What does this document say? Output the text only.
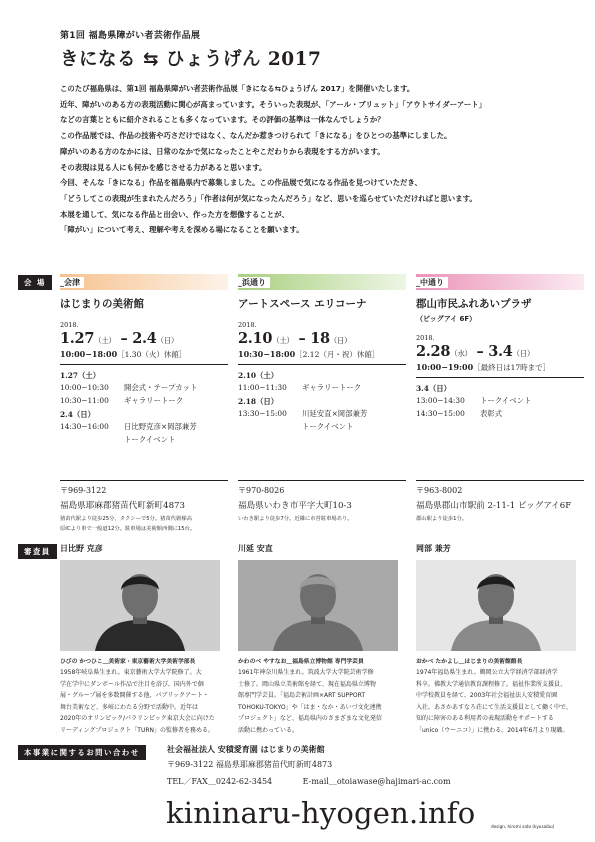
第1回 福島県障がい者芸術作品展
きになる ⇆ ひょうげん 2017
このたび福島県は、第1回 福島県障がい者芸術作品展「きになる⇆ひょうげん 2017」を開催いたします。
近年、障がいのある方の表現活動に関心が高まっています。そういった表現が、「アール・ブリュット」「アウトサイダーアート」
などの言葉とともに紹介されることも多くなっています。その評価の基準は一体なんでしょうか？
この作品展では、作品の技術や巧さだけではなく、なんだか惹きつけられて「きになる」をひとつの基準にしました。
障がいのある方のなかには、日常のなかで気になったことやこだわりから表現をする方がいます。
その表現は見る人にも何かを感じさせる力があると思います。
今回、そんな「きになる」作品を福島県内で募集しました。この作品展で気になる作品を見つけていただき、
「どうしてこの表現が生まれたんだろう」「作者は何が気になったんだろう」など、思いを巡らせていただければと思います。
本展を通して、気になる作品と出会い、作った方を想像することが、
「障がい」について考え、理解や考えを深める場になることを願います。
会 場	_会津
はじまりの美術館
2018.
1.27（土） – 2.4（日）
10:00−18:00［1.30（火）休館］
1.27（土）
10:00−10:30	開会式・テープカット
10:30−11:00	ギャラリートーク
2.4（日）
14:30−16:00	日比野克彦×岡部兼芳
トークイベント
_浜通り
アートスペース エリコーナ
2018.
2.10（土） – 18（日）
10:30−18:00［2.12（月・祝）休館］
2.10（土）
11:00−11:30	ギャラリートーク
2.18（日）
13:30−15:00	川延安直×岡部兼芳
トークイベント
_中通り
郡山市民ふれあいプラザ
（ビッグアイ 6F）
2018.
2.28（水） – 3.4（日）
10:00−19:00［最終日は17時まで］
3.4（日）
13:00−14:30	トークイベント
14:30−15:00	表彰式
〒969-3122
福島県耶麻郡猪苗代町新町4873
猪苗代駅より徒歩25分、タクシーで5分。猪苗代磐梯高
原ICより車で一般道12分。駐車場は美術館西側に15台。
〒970-8026
福島県いわき市平字大町10-3
いわき駅より徒歩7分。近隣に市営駐車場あり。
〒963-8002
福島県郡山市駅前 2-11-1 ビッグアイ6F
郡山駅より徒歩1分。
審査員	日比野 克彦
ひびの かつひこ＿美術家・東京藝術大学美術学部長
1958年岐阜県生まれ。東京藝術大学大学院修了。大
学在学中にダンボール作品で注目を浴び、国内外で個
展・グループ展を多数開催する他、パブリックアート・
舞台美術など、多岐にわたる分野で活動中。近年は
2020年のオリンピック/パラリンピック東京大会に向けた
リーディングプロジェクト「TURN」の監修者を務める。
川延 安直
かわのべ やすなお＿福島県立博物館 専門学芸員
1961年神奈川県生まれ。筑波大学大学院芸術学修
士修了。岡山県立美術館を経て、現在福島県立博物
館専門学芸員。「福島芸術計画×ART SUPPORT
TOHOKU-TOKYO」や「はま・なか・あいづ文化連携
プロジェクト」など、福島県内のさまざまな文化発信
活動に携わっている。
岡部 兼芳
おかべ たかよし＿はじまりの美術館館長
1974年福島県生まれ。鶴岡公立大学経済学部経済学
科卒。佛教大学通信教育課程修了。福祉作業所支援員、
中学校教員を経て、2003年社会福祉法人安積愛育園
入社。あさかあすなろ荘にて生活支援員として働く中で、
知的に障害のある利用者の表現活動をサポートする
「unico（ウーニコ）」に携わる。2014年6月より現職。
本事業に関するお問い合わせ	社会福祉法人 安積愛育園 はじまりの美術館
〒969-3122 福島県耶麻郡猪苗代町新町4873
TEL／FAX＿0242-62-3454	E-mail＿otoiawase@hajimari-ac.com
kininaru-hyogen.info	design, hiromi sato (kyusaibu)
